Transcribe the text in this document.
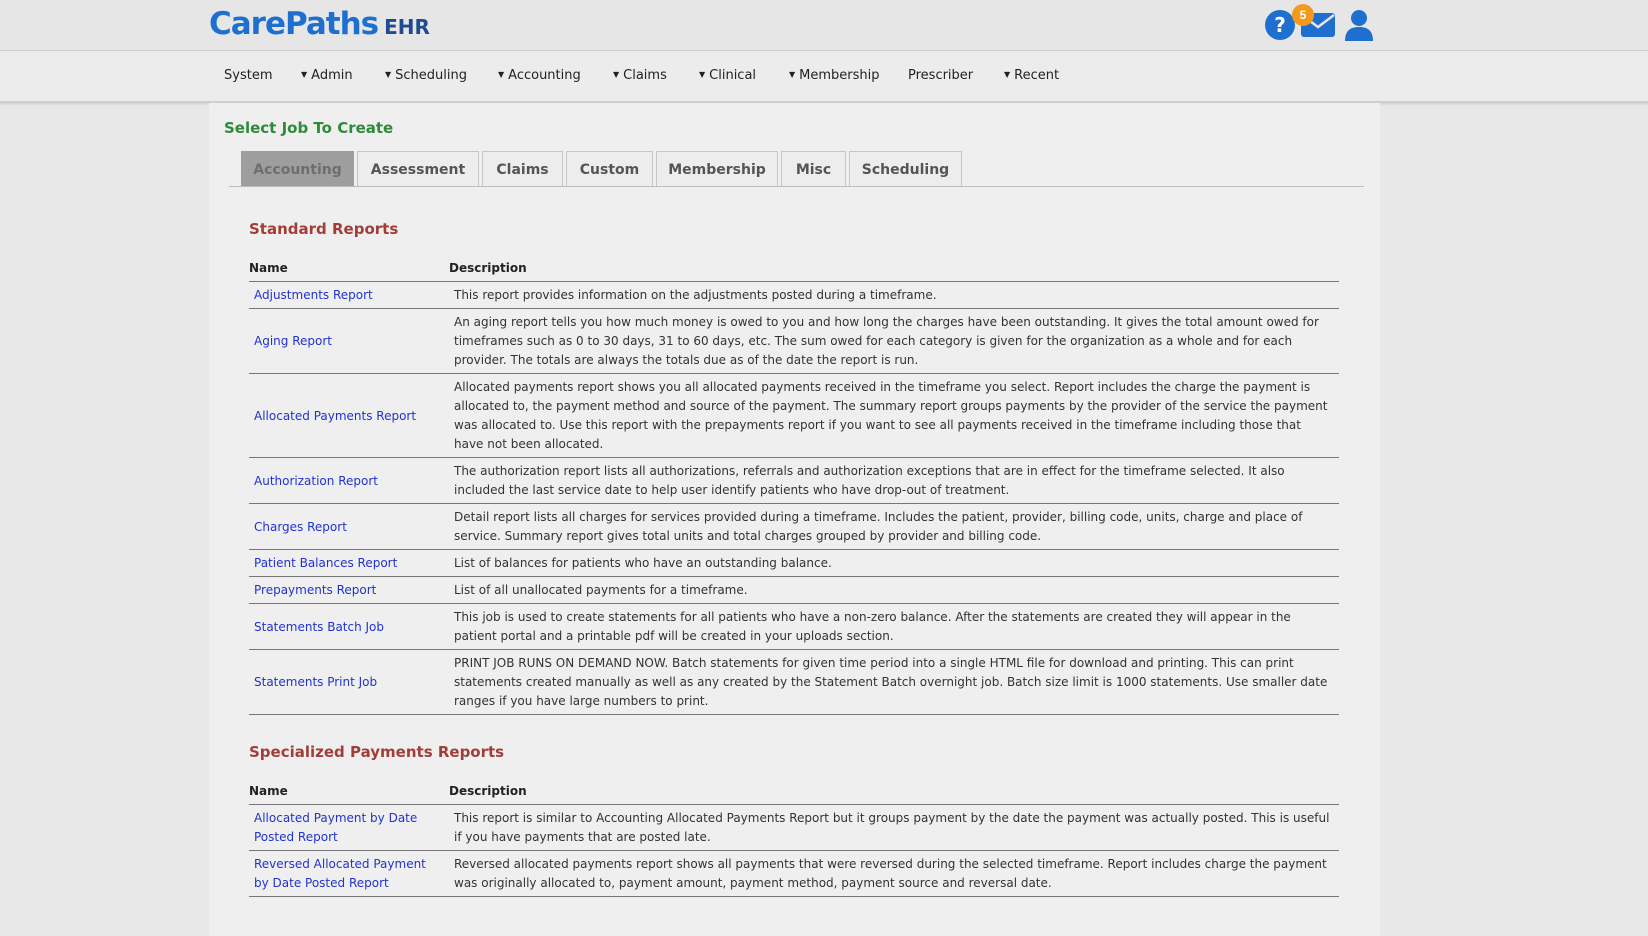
CarePaths EHR	?	5
System	▼ Admin	▼ Scheduling	▼ Accounting	▼ Claims	▼ Clinical	▼ Membership Prescriber	▼ Recent
Select Job To Create
Accounting	Assessment	Claims	Custom	Membership	Misc	Scheduling
Standard Reports
Name	Description
Adjustments Report	This report provides information on the adjustments posted during a timeframe.
Aging Report	An aging report tells you how much money is owed to you and how long the charges have been outstanding. It gives the total amount owed for timeframes such as 0 to 30 days, 31 to 60 days, etc. The sum owed for each category is given for the organization as a whole and for each provider. The totals are always the totals due as of the date the report is run.
Allocated Payments Report	Allocated payments report shows you all allocated payments received in the timeframe you select. Report includes the charge the payment is allocated to, the payment method and source of the payment. The summary report groups payments by the provider of the service the payment was allocated to. Use this report with the prepayments report if you want to see all payments received in the timeframe including those that have not been allocated.
Authorization Report	The authorization report lists all authorizations, referrals and authorization exceptions that are in effect for the timeframe selected. It also included the last service date to help user identify patients who have drop-out of treatment.
Charges Report	Detail report lists all charges for services provided during a timeframe. Includes the patient, provider, billing code, units, charge and place of service. Summary report gives total units and total charges grouped by provider and billing code.
Patient Balances Report	List of balances for patients who have an outstanding balance.
Prepayments Report	List of all unallocated payments for a timeframe.
Statements Batch Job	This job is used to create statements for all patients who have a non-zero balance. After the statements are created they will appear in the patient portal and a printable pdf will be created in your uploads section.
Statements Print Job	PRINT JOB RUNS ON DEMAND NOW. Batch statements for given time period into a single HTML file for download and printing. This can print statements created manually as well as any created by the Statement Batch overnight job. Batch size limit is 1000 statements. Use smaller date ranges if you have large numbers to print.
Specialized Payments Reports
Name	Description
Allocated Payment by Date Posted Report	This report is similar to Accounting Allocated Payments Report but it groups payment by the date the payment was actually posted. This is useful if you have payments that are posted late.
Reversed Allocated Payment by Date Posted Report	Reversed allocated payments report shows all payments that were reversed during the selected timeframe. Report includes charge the payment was originally allocated to, payment amount, payment method, payment source and reversal date.
